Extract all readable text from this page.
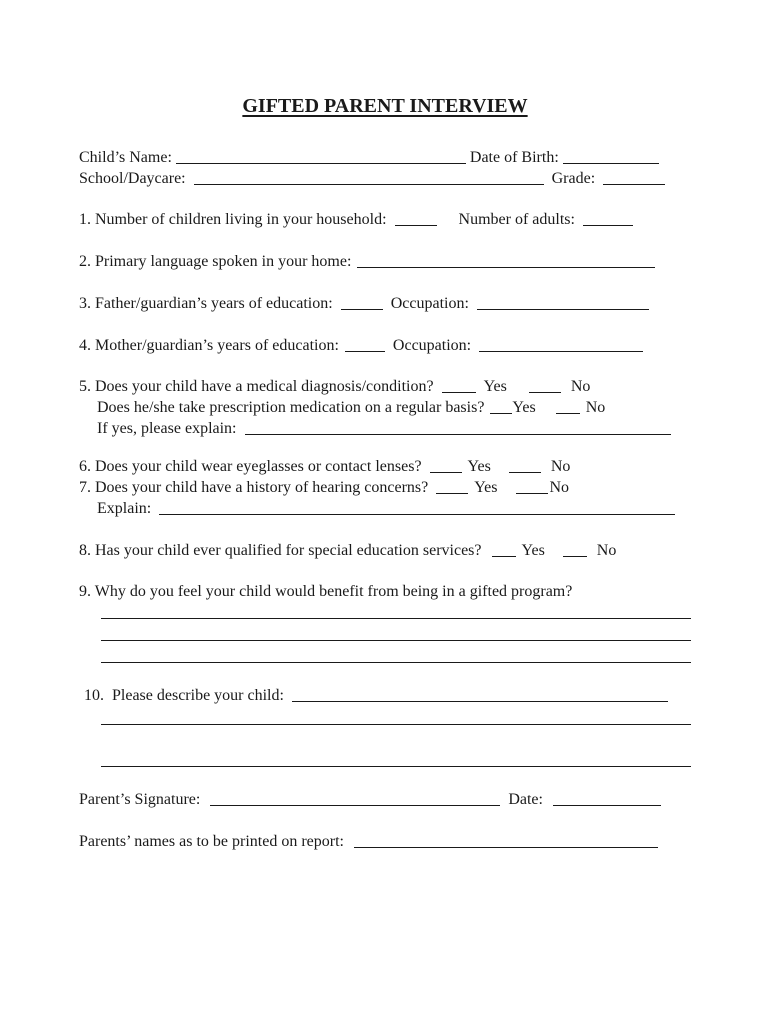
GIFTED PARENT INTERVIEW
Child’s Name:	Date of Birth:
School/Daycare:	Grade:
1. Number of children living in your household:	Number of adults:
2. Primary language spoken in your home:
3. Father/guardian’s years of education:	Occupation:
4. Mother/guardian’s years of education:	Occupation:
5. Does your child have a medical diagnosis/condition?	Yes	No
Does he/she take prescription medication on a regular basis? Yes	No
If yes, please explain:
6. Does your child wear eyeglasses or contact lenses?	Yes	No
7. Does your child have a history of hearing concerns?	Yes	No
Explain:
8. Has your child ever qualified for special education services?	Yes	No
9. Why do you feel your child would benefit from being in a gifted program?
10.  Please describe your child:
Parent’s Signature:	Date:
Parents’ names as to be printed on report:
